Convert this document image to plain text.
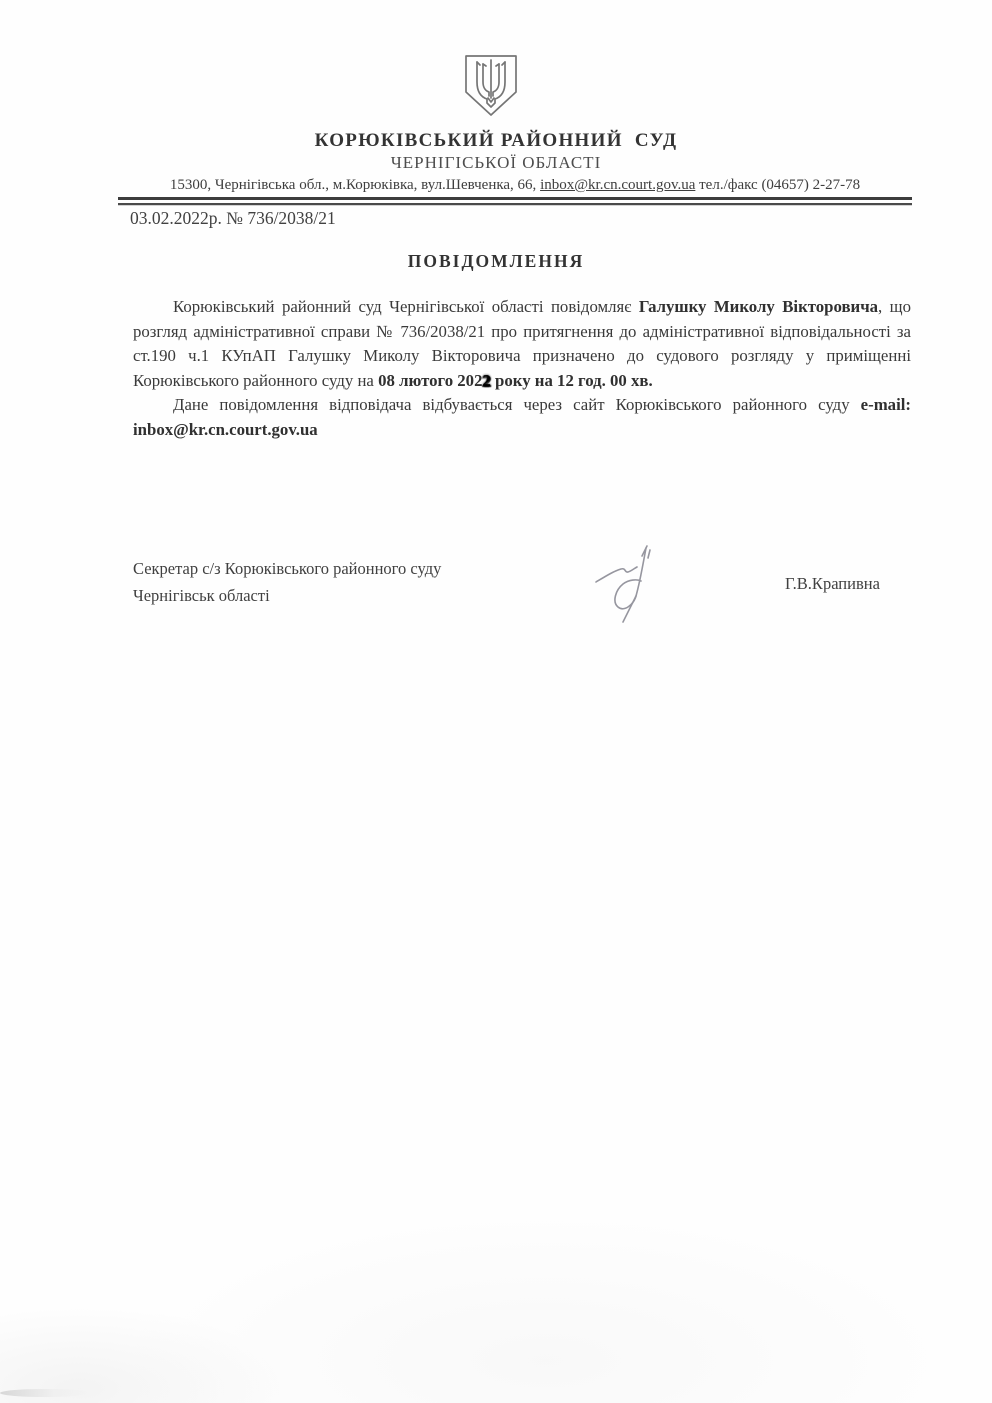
КОРЮКІВСЬКИЙ РАЙОННИЙ  СУД
ЧЕРНІГІСЬКОЇ ОБЛАСТІ
15300, Чернігівська обл., м.Корюківка, вул.Шевченка, 66, inbox@kr.cn.court.gov.ua тел./факс (04657) 2-27-78
03.02.2022р. № 736/2038/21
ПОВІДОМЛЕННЯ

Корюківський районний суд Чернігівської області повідомляє Галушку Миколу Вікторовича, що розгляд адміністративної справи № 736/2038/21 про притягнення до адміністративної відповідальності за ст.190 ч.1 КУпАП Галушку Миколу Вікторовича призначено до судового розгляду у приміщенні Корюківського районного суду на 08 лютого 2022 року на 12 год. 00 хв.

Дане повідомлення відповідача відбувається через сайт Корюківського районного суду e-mail: inbox@kr.cn.court.gov.ua

Секретар с/з Корюківського районного суду
Чернігівськ області
Г.В.Крапивна
